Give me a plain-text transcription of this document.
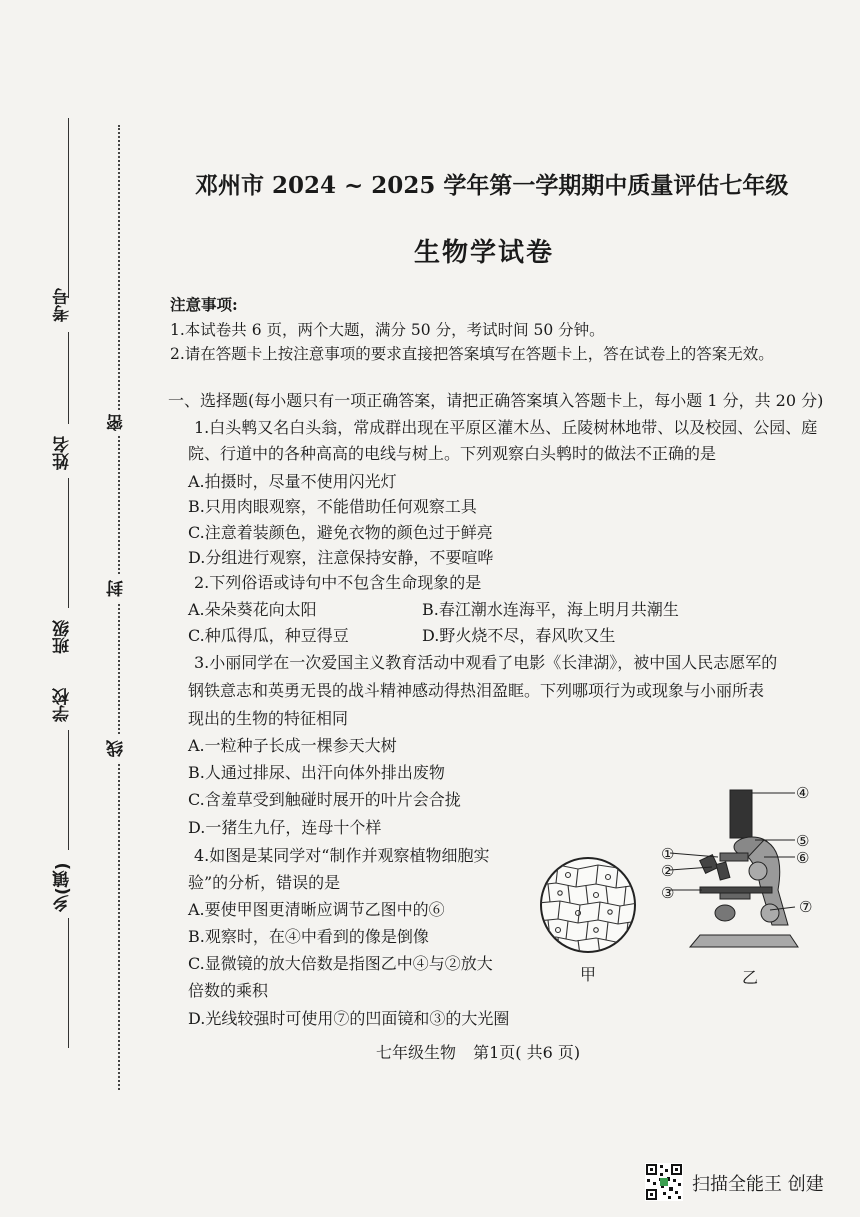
考号
姓名
学校　　班级
乡(镇)
密
封
线
邓州市 2024 ~ 2025 学年第一学期期中质量评估七年级
生物学试卷
注意事项:
1.本试卷共 6 页，两个大题，满分 50 分，考试时间 50 分钟。
2.请在答题卡上按注意事项的要求直接把答案填写在答题卡上，答在试卷上的答案无效。
一、选择题(每小题只有一项正确答案，请把正确答案填入答题卡上，每小题 1 分，共 20 分)
1.白头鹎又名白头翁，常成群出现在平原区灌木丛、丘陵树林地带、以及校园、公园、庭
院、行道中的各种高高的电线与树上。下列观察白头鹎时的做法不正确的是
A.拍摄时，尽量不使用闪光灯
B.只用肉眼观察，不能借助任何观察工具
C.注意着装颜色，避免衣物的颜色过于鲜亮
D.分组进行观察，注意保持安静，不要喧哗
2.下列俗语或诗句中不包含生命现象的是
A.朵朵葵花向太阳	B.春江潮水连海平，海上明月共潮生
C.种瓜得瓜，种豆得豆	D.野火烧不尽，春风吹又生
3.小丽同学在一次爱国主义教育活动中观看了电影《长津湖》，被中国人民志愿军的
钢铁意志和英勇无畏的战斗精神感动得热泪盈眶。下列哪项行为或现象与小丽所表
现出的生物的特征相同
A.一粒种子长成一棵参天大树
B.人通过排尿、出汗向体外排出废物
C.含羞草受到触碰时展开的叶片会合拢
D.一猪生九仔，连母十个样
4.如图是某同学对“制作并观察植物细胞实
验”的分析，错误的是
A.要使甲图更清晰应调节乙图中的⑥
B.观察时，在④中看到的像是倒像
C.显微镜的放大倍数是指图乙中④与②放大
倍数的乘积
D.光线较强时可使用⑦的凹面镜和③的大光圈
甲
④
⑤
⑥
①
②
③
⑦
乙
七年级生物 第1页( 共6 页)
扫描全能王 创建
